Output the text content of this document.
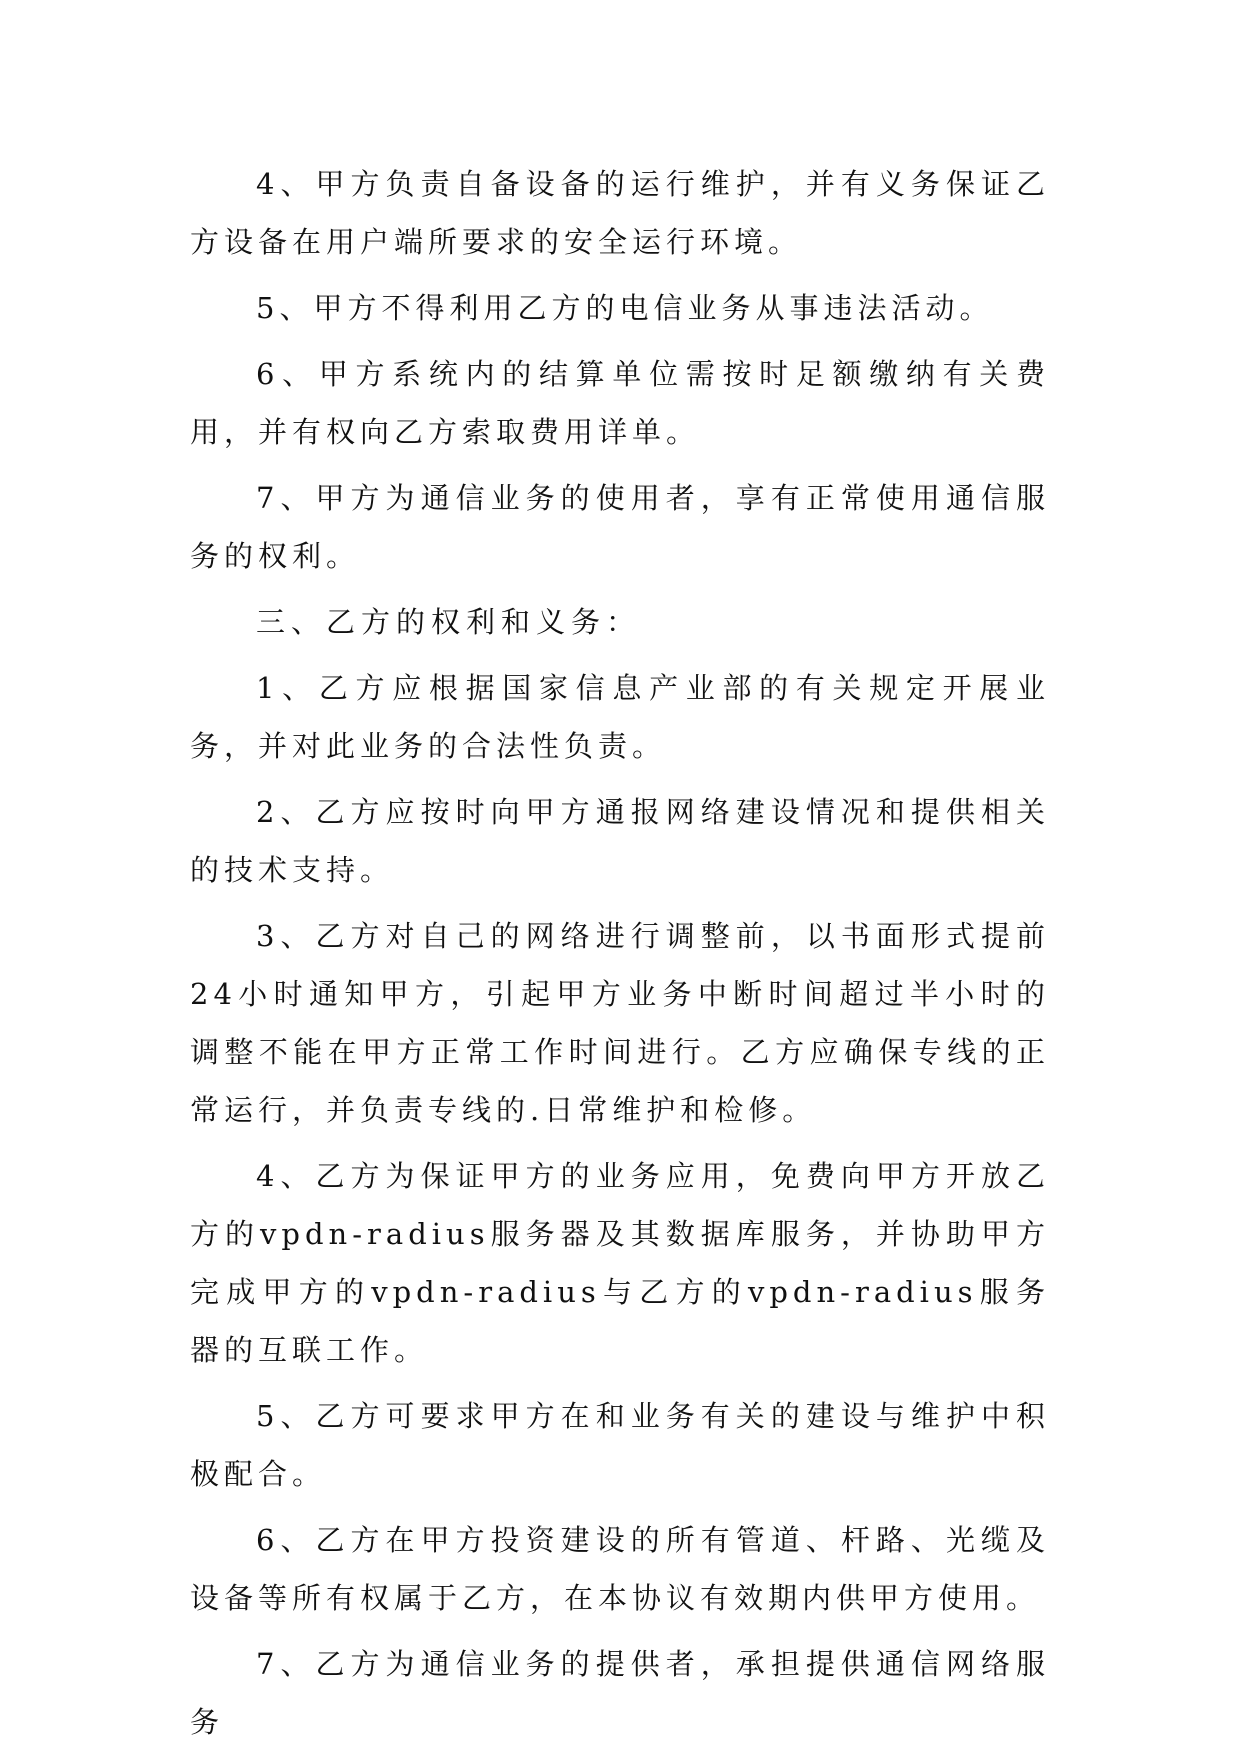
4、甲方负责自备设备的运行维护，并有义务保证乙方设备在用户端所要求的安全运行环境。

5、甲方不得利用乙方的电信业务从事违法活动。

6、甲方系统内的结算单位需按时足额缴纳有关费用，并有权向乙方索取费用详单。

7、甲方为通信业务的使用者，享有正常使用通信服务的权利。

三、乙方的权利和义务：

1、乙方应根据国家信息产业部的有关规定开展业务，并对此业务的合法性负责。

2、乙方应按时向甲方通报网络建设情况和提供相关的技术支持。

3、乙方对自己的网络进行调整前，以书面形式提前24小时通知甲方，引起甲方业务中断时间超过半小时的调整不能在甲方正常工作时间进行。乙方应确保专线的正常运行，并负责专线的.日常维护和检修。

4、乙方为保证甲方的业务应用，免费向甲方开放乙方的vpdn-radius服务器及其数据库服务，并协助甲方完成甲方的vpdn-radius与乙方的vpdn-radius服务器的互联工作。

5、乙方可要求甲方在和业务有关的建设与维护中积极配合。

6、乙方在甲方投资建设的所有管道、杆路、光缆及设备等所有权属于乙方，在本协议有效期内供甲方使用。

7、乙方为通信业务的提供者，承担提供通信网络服务
